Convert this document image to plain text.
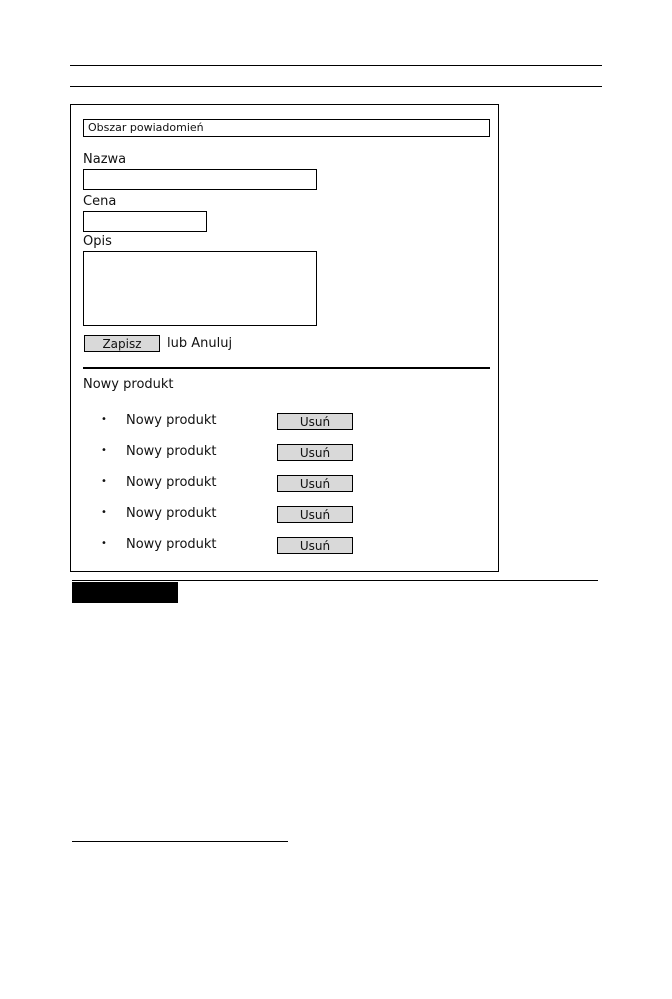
Obszar powiadomień
Nazwa
Cena
Opis
Zapisz	lub Anuluj
Nowy produkt
• Nowy produkt	Usuń
• Nowy produkt	Usuń
• Nowy produkt	Usuń
• Nowy produkt	Usuń
• Nowy produkt	Usuń
